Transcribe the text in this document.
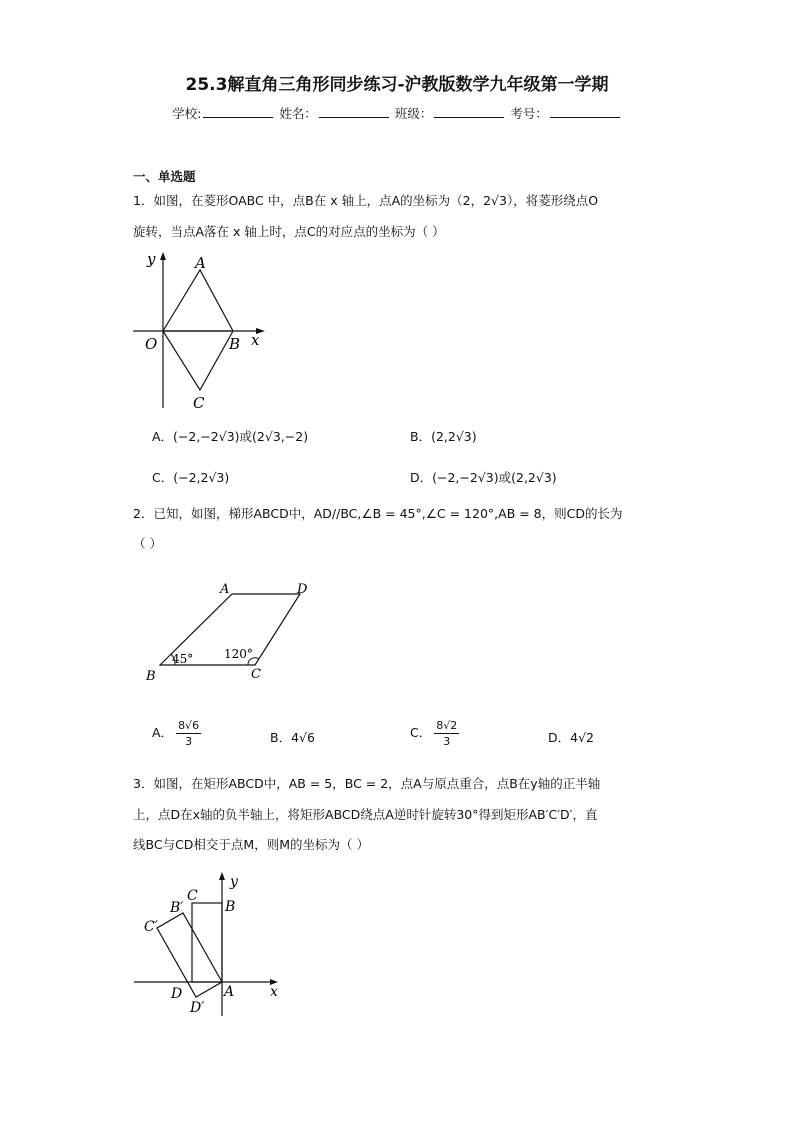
25.3解直角三角形同步练习-沪教版数学九年级第一学期
学校:	姓名：	班级：	考号：
一、单选题
1．如图，在菱形OABC 中，点B在 x 轴上，点A的坐标为（2，2√3），将菱形绕点O
旋转，当点A落在 x 轴上时，点C的对应点的坐标为（ ）
y	A
O	B x
C
A．(−2,−2√3)或(2√3,−2)	B．(2,2√3)
C．(−2,2√3)	D．(−2,−2√3)或(2,2√3)
2．已知，如图，梯形ABCD中，AD//BC,∠B = 45°,∠C = 120°,AB = 8，则CD的长为
（ ）
A	D
B	C
45°	120°
A． $\frac{8√6}{3}$	B．4√6	C． $\frac{8√2}{3}$	D．4√2
3．如图，在矩形ABCD中，AB = 5，BC = 2，点A与原点重合，点B在y轴的正半轴
上，点D在x轴的负半轴上，将矩形ABCD绕点A逆时针旋转30°得到矩形AB′C′D′，直
线BC与CD相交于点M，则M的坐标为（ ）
y
C
B′	B
C′
D	A	x
D′
